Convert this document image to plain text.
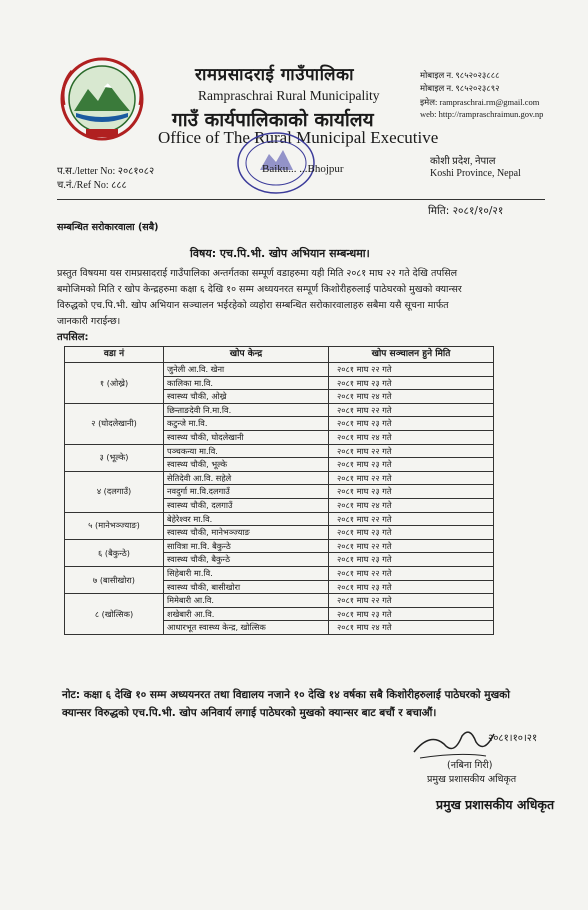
रामप्रसादराई गाउँपालिका
Rampraschrai Rural Municipality
गाउँ कार्यपालिकाको कार्यालय
Office of The Rural Municipal Executive
मोबाइल न. ९८५२०२३८८८
मोबाइल न. ९८५२०२३८९२
इमेल: rampraschrai.rm@gmail.com
web: http://rampraschraimun.gov.np
प.स./letter No: २०८१०८२
च.नं./Ref No: ८८८
Baiku... ...Bhojpur
कोशी प्रदेश, नेपाल
Koshi Province, Nepal
मिति: २०८१/१०/२१
सम्बन्धित सरोकारवाला (सबै)
विषय: एच.पि.भी. खोप अभियान सम्बन्धमा।
प्रस्तुत विषयमा यस रामप्रसादराई गाउँपालिका अन्तर्गतका सम्पूर्ण वडाहरुमा यही मिति २०८१ माघ २२ गते देखि तपसिल
बमोजिमको मिति र खोप केन्द्रहरुमा कक्षा ६ देखि १० सम्म अध्ययनरत सम्पूर्ण किशोरीहरुलाई पाठेघरको मुखको क्यान्सर
विरुद्धको एच.पि.भी. खोप अभियान सञ्चालन भईरहेको व्यहोरा सम्बन्धित सरोकारवालाहरु सबैमा यसै सूचना मार्फत
जानकारी गराईन्छ।
तपसिल:
वडा नं	खोप केन्द्र	खोप सञ्चालन हुने मिति
१ (ओख्रे)	जुनेली आ.वि. खेना	२०८१ माघ २२ गते
	कालिका मा.वि.	२०८१ माघ २३ गते
	स्वास्थ्य चौकी, ओख्रे	२०८१ माघ २४ गते
२ (घोदलेखानी)	छिन्ताङदेवी नि.मा.वि.	२०८१ माघ २२ गते
	कटुन्जे मा.वि.	२०८१ माघ २३ गते
	स्वास्थ्य चौकी, घोदलेखानी	२०८१ माघ २४ गते
३ (भूल्के)	पञ्चकन्या मा.वि.	२०८१ माघ २२ गते
	स्वास्थ्य चौकी, भूल्के	२०८१ माघ २३ गते
४ (दलगाउँ)	सेतिदेवी आ.वि. सहेले	२०८१ माघ २२ गते
	नवदुर्गा मा.वि.दलगाउँ	२०८१ माघ २३ गते
	स्वास्थ्य चौकी, दलगाउँ	२०८१ माघ २४ गते
५ (मानेभञ्ज्याङ)	बेहेरेश्वर मा.वि.	२०८१ माघ २२ गते
	स्वास्थ्य चौकी, मानेभञ्ज्याङ	२०८१ माघ २३ गते
६ (बैकुन्ठे)	सावित्रा मा.वि. बैकुन्ठे	२०८१ माघ २२ गते
	स्वास्थ्य चौकी, बैकुन्ठे	२०८१ माघ २३ गते
७ (बासीखोरा)	सिहेबारी मा.वि.	२०८१ माघ २२ गते
	स्वास्थ्य चौकी, बासीखोरा	२०८१ माघ २३ गते
८ (खोत्सिक)	मिमेबारी आ.वि.	२०८१ माघ २२ गते
	शखेबारी आ.वि.	२०८१ माघ २३ गते
	आधारभूत स्वास्थ्य केन्द्र, खोत्सिक	२०८१ माघ २४ गते
नोट: कक्षा ६ देखि १० सम्म अध्ययनरत तथा विद्यालय नजाने १० देखि १४ वर्षका सबै किशोरीहरुलाई पाठेघरको मुखको क्यान्सर विरुद्धको एच.पि.भी. खोप अनिवार्य लगाई पाठेघरको मुखको क्यान्सर बाट बचौं र बचाऔं।
२०८१।१०।२१
(नबिना गिरी)
प्रमुख प्रशासकीय अधिकृत
प्रमुख प्रशासकीय अधिकृत
